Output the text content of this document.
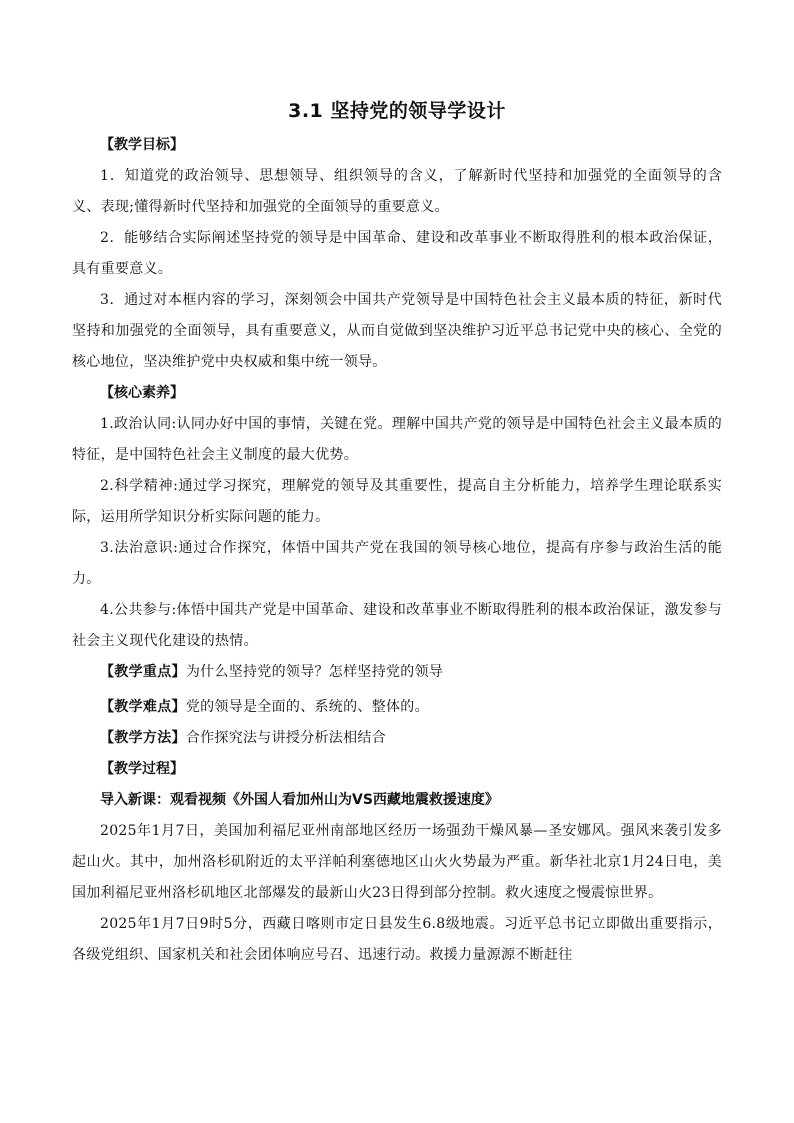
3.1 坚持党的领导学设计

【教学目标】

1．知道党的政治领导、思想领导、组织领导的含义，了解新时代坚持和加强党的全面领导的含义、表现;懂得新时代坚持和加强党的全面领导的重要意义。

2．能够结合实际阐述坚持党的领导是中国革命、建设和改革事业不断取得胜利的根本政治保证，具有重要意义。

3．通过对本框内容的学习，深刻领会中国共产党领导是中国特色社会主义最本质的特征，新时代坚持和加强党的全面领导，具有重要意义，从而自觉做到坚决维护习近平总书记党中央的核心、全党的核心地位，坚决维护党中央权威和集中统一领导。

【核心素养】

1.政治认同:认同办好中国的事情，关键在党。理解中国共产党的领导是中国特色社会主义最本质的特征，是中国特色社会主义制度的最大优势。

2.科学精神:通过学习探究，理解党的领导及其重要性，提高自主分析能力，培养学生理论联系实际，运用所学知识分析实际问题的能力。

3.法治意识:通过合作探究，体悟中国共产党在我国的领导核心地位，提高有序参与政治生活的能力。

4.公共参与:体悟中国共产党是中国革命、建设和改革事业不断取得胜利的根本政治保证，激发参与社会主义现代化建设的热情。

【教学重点】为什么坚持党的领导？怎样坚持党的领导

【教学难点】党的领导是全面的、系统的、整体的。

【教学方法】合作探究法与讲授分析法相结合

【教学过程】

导入新课：观看视频《外国人看加州山为VS西藏地震救援速度》

2025年1月7日，美国加利福尼亚州南部地区经历一场强劲干燥风暴—圣安娜风。强风来袭引发多起山火。其中，加州洛杉矶附近的太平洋帕利塞德地区山火火势最为严重。新华社北京1月24日电，美国加利福尼亚州洛杉矶地区北部爆发的最新山火23日得到部分控制。救火速度之慢震惊世界。

2025年1月7日9时5分，西藏日喀则市定日县发生6.8级地震。习近平总书记立即做出重要指示，各级党组织、国家机关和社会团体响应号召、迅速行动。救援力量源源不断赶往
